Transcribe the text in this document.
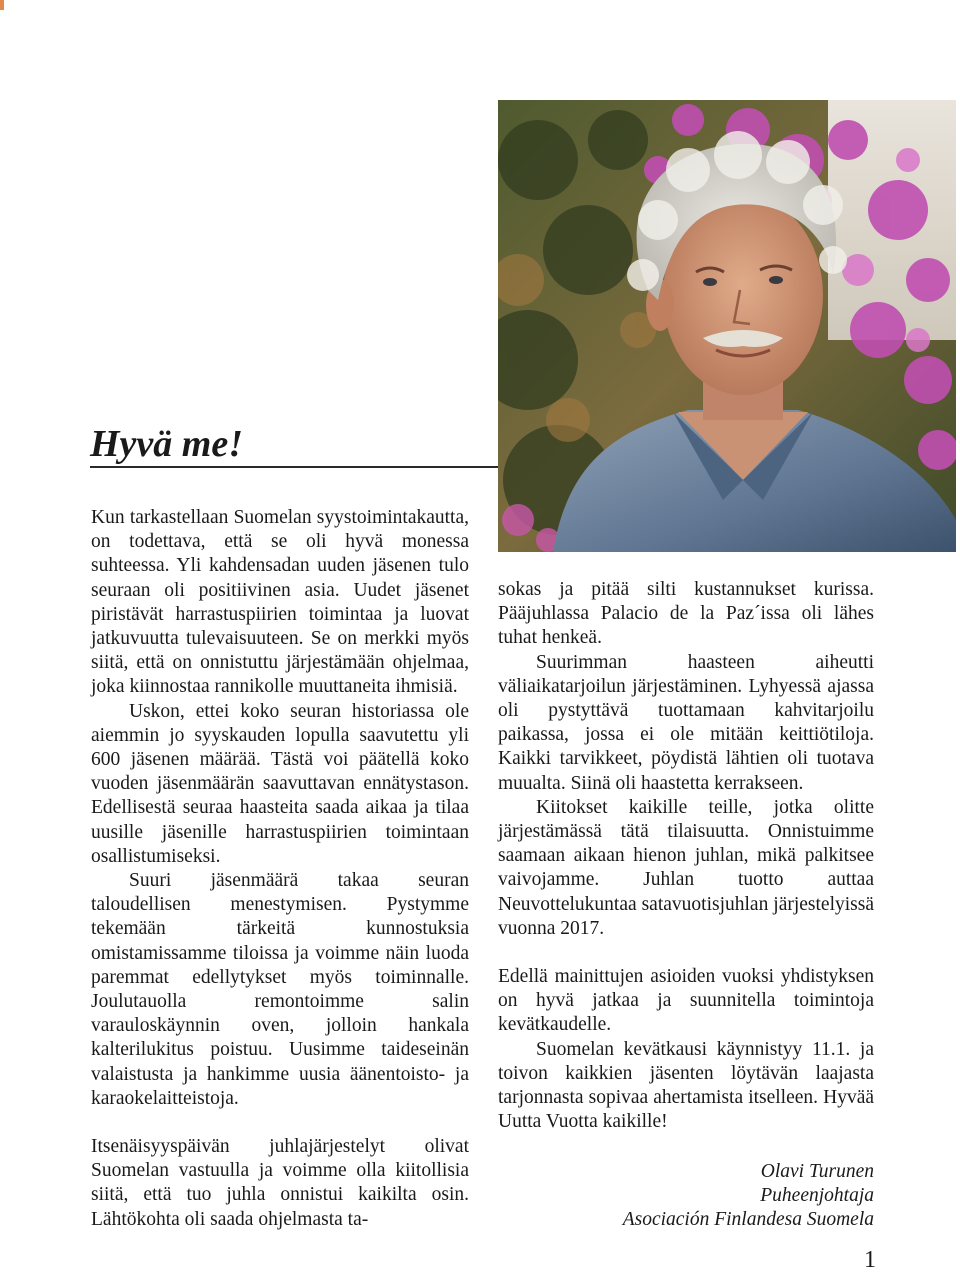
Hyvä me!

Kun tarkastellaan Suomelan syystoimintakautta, on todettava, että se oli hyvä monessa suhteessa. Yli kahdensadan uuden jäsenen tulo seuraan oli positiivinen asia. Uudet jäsenet piristävät harrastuspiirien toimintaa ja luovat jatkuvuutta tulevaisuuteen. Se on merkki myös siitä, että on onnistuttu järjestämään ohjelmaa, joka kiinnostaa rannikolle muuttaneita ihmisiä.

Uskon, ettei koko seuran historiassa ole aiemmin jo syyskauden lopulla saavutettu yli 600 jäsenen määrää. Tästä voi päätellä koko vuoden jäsenmäärän saavuttavan ennätystason. Edellisestä seuraa haasteita saada aikaa ja tilaa uusille jäsenille harrastuspiirien toimintaan osallistumiseksi.

Suuri jäsenmäärä takaa seuran taloudellisen menestymisen. Pystymme tekemään tärkeitä kunnostuksia omistamissamme tiloissa ja voimme näin luoda paremmat edellytykset myös toiminnalle. Joulutauolla remontoimme salin varauloskäynnin oven, jolloin hankala kalterilukitus poistuu. Uusimme taideseinän valaistusta ja hankimme uusia äänentoisto- ja karaokelaitteistoja.

Itsenäisyyspäivän juhlajärjestelyt olivat Suomelan vastuulla ja voimme olla kiitollisia siitä, että tuo juhla onnistui kaikilta osin. Lähtökohta oli saada ohjelmasta ta-

sokas ja pitää silti kustannukset kurissa. Pääjuhlassa Palacio de la Paz´issa oli lähes tuhat henkeä.

Suurimman haasteen aiheutti väliaikatarjoilun järjestäminen. Lyhyessä ajassa oli pystyttävä tuottamaan kahvitarjoilu paikassa, jossa ei ole mitään keittiötiloja. Kaikki tarvikkeet, pöydistä lähtien oli tuotava muualta. Siinä oli haastetta kerrakseen.

Kiitokset kaikille teille, jotka olitte järjestämässä tätä tilaisuutta. Onnistuimme saamaan aikaan hienon juhlan, mikä palkitsee vaivojamme. Juhlan tuotto auttaa Neuvottelukuntaa satavuotisjuhlan järjestelyissä vuonna 2017.

Edellä mainittujen asioiden vuoksi yhdistyksen on hyvä jatkaa ja suunnitella toimintoja kevätkaudelle.

Suomelan kevätkausi käynnistyy 11.1. ja toivon kaikkien jäsenten löytävän laajasta tarjonnasta sopivaa ahertamista itselleen. Hyvää Uutta Vuotta kaikille!

Olavi Turunen
Puheenjohtaja
Asociación Finlandesa Suomela
1
